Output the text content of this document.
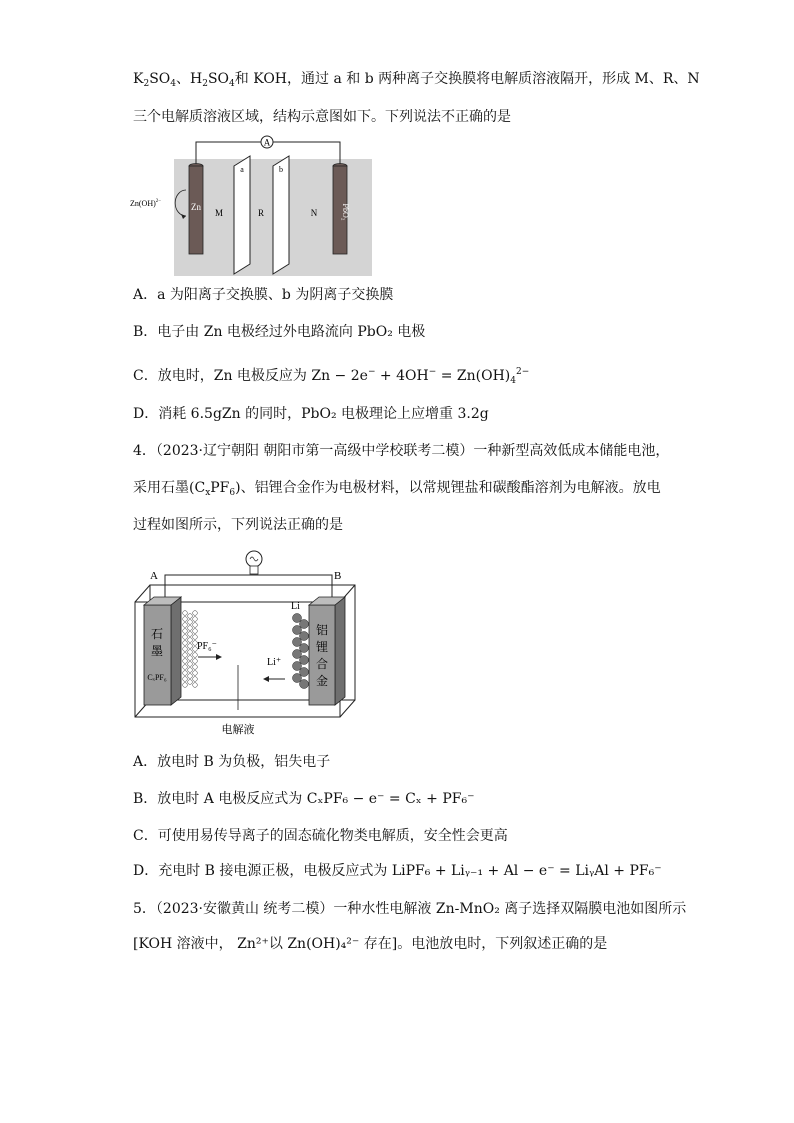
$K_2SO_4$、$H_2SO_4$和 KOH，通过 a 和 b 两种离子交换膜将电解质溶液隔开，形成 M、R、N
三个电解质溶液区域，结构示意图如下。下列说法不正确的是
A
Zn	PbO₂
a	b
M	R	N
Zn(OH)$^{2-}$
A．a 为阳离子交换膜、b 为阴离子交换膜
B．电子由 Zn 电极经过外电路流向 PbO₂ 电极
C．放电时，Zn 电极反应为 $Zn - 2e^- + 4OH^- = Zn(OH)_4^{2-}$
D．消耗 6.5gZn 的同时，PbO₂ 电极理论上应增重 3.2g
4．（2023·辽宁朝阳 朝阳市第一高级中学校联考二模）一种新型高效低成本储能电池，
采用石墨$(C_xPF_6)$、铝锂合金作为电极材料，以常规锂盐和碳酸酯溶剂为电解液。放电
过程如图所示，下列说法正确的是
A	B
石
墨
CₓPF₆
PF₆⁻
Li⁺
Li
铝
锂
合
金
电解液
A．放电时 B 为负极，铝失电子
B．放电时 A 电极反应式为 CₓPF₆ − e⁻ = Cₓ + PF₆⁻
C．可使用易传导离子的固态硫化物类电解质，安全性会更高
D．充电时 B 接电源正极，电极反应式为 LiPF₆ + Liᵧ₋₁ + Al − e⁻ = LiᵧAl + PF₆⁻
5．（2023·安徽黄山 统考二模）一种水性电解液 Zn-MnO₂ 离子选择双隔膜电池如图所示
[KOH 溶液中， Zn²⁺以 Zn(OH)₄²⁻ 存在]。电池放电时，下列叙述正确的是
